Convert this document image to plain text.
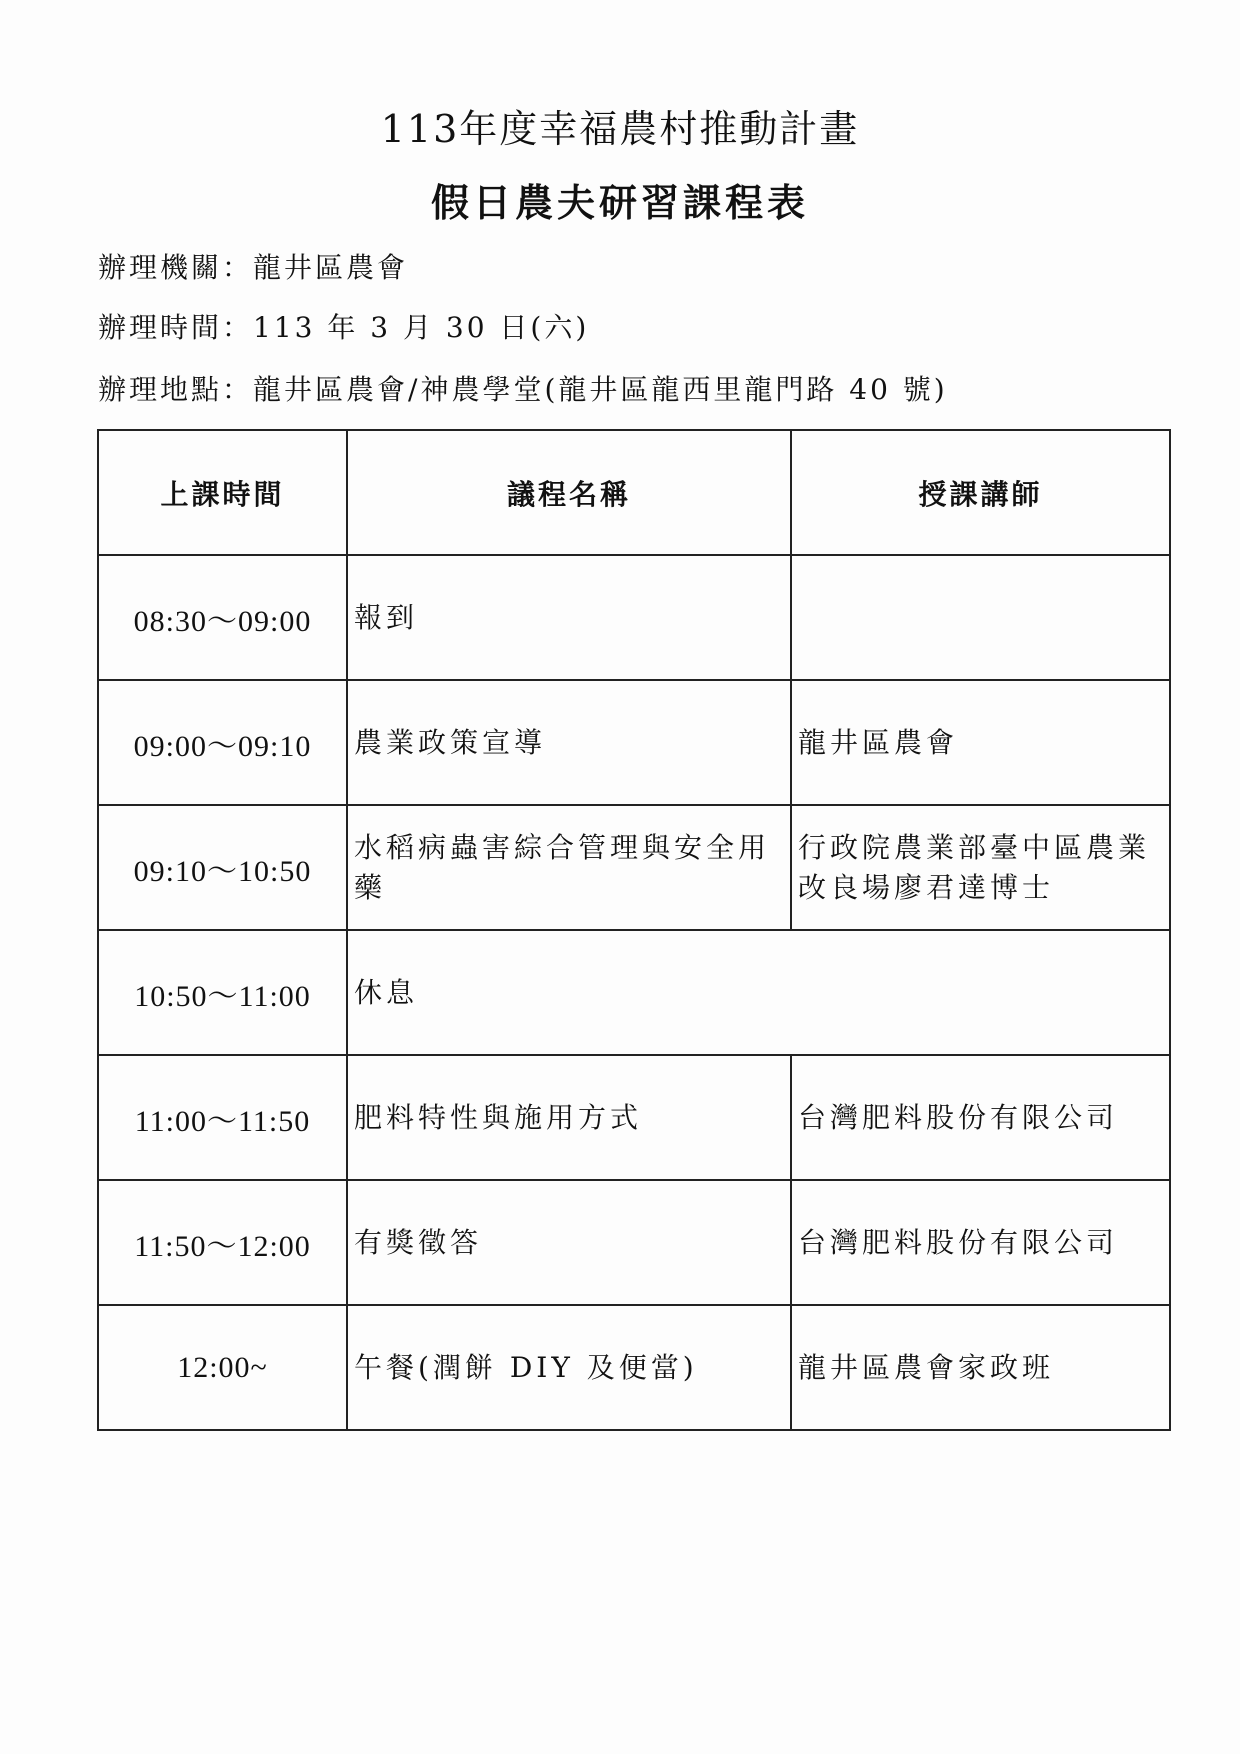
113年度幸福農村推動計畫
假日農夫研習課程表
辦理機關：龍井區農會
辦理時間：113 年 3 月 30 日(六)
辦理地點：龍井區農會/神農學堂(龍井區龍西里龍門路 40 號)
上課時間	議程名稱	授課講師
08:30～09:00	報到	
09:00～09:10	農業政策宣導	龍井區農會
09:10～10:50	水稻病蟲害綜合管理與安全用藥	行政院農業部臺中區農業改良場廖君達博士
10:50～11:00	休息	
11:00～11:50	肥料特性與施用方式	台灣肥料股份有限公司
11:50～12:00	有獎徵答	台灣肥料股份有限公司
12:00~	午餐(潤餅 DIY 及便當)	龍井區農會家政班
